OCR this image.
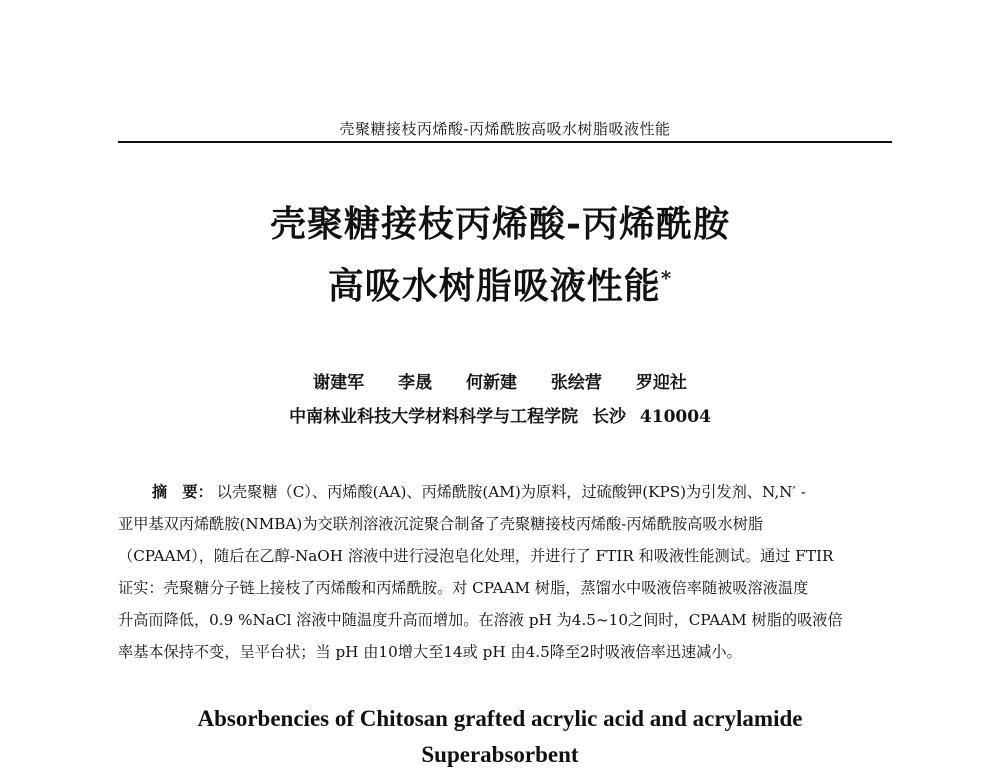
壳聚糖接枝丙烯酸-丙烯酰胺高吸水树脂吸液性能
壳聚糖接枝丙烯酸-丙烯酰胺
高吸水树脂吸液性能*
谢建军 李晟 何新建 张绘营 罗迎社
中南林业科技大学材料科学与工程学院 长沙 410004
摘　要： 以壳聚糖（C）、丙烯酸(AA)、丙烯酰胺(AM)为原料，过硫酸钾(KPS)为引发剂、N,N′ -
亚甲基双丙烯酰胺(NMBA)为交联剂溶液沉淀聚合制备了壳聚糖接枝丙烯酸-丙烯酰胺高吸水树脂
（CPAAM），随后在乙醇-NaOH 溶液中进行浸泡皂化处理，并进行了 FTIR 和吸液性能测试。通过 FTIR
证实：壳聚糖分子链上接枝了丙烯酸和丙烯酰胺。对 CPAAM 树脂，蒸馏水中吸液倍率随被吸溶液温度
升高而降低，0.9 %NaCl 溶液中随温度升高而增加。在溶液 pH 为4.5~10之间时，CPAAM 树脂的吸液倍
率基本保持不变，呈平台状；当 pH 由10增大至14或 pH 由4.5降至2时吸液倍率迅速减小。
Absorbencies of Chitosan grafted acrylic acid and acrylamide
Superabsorbent
